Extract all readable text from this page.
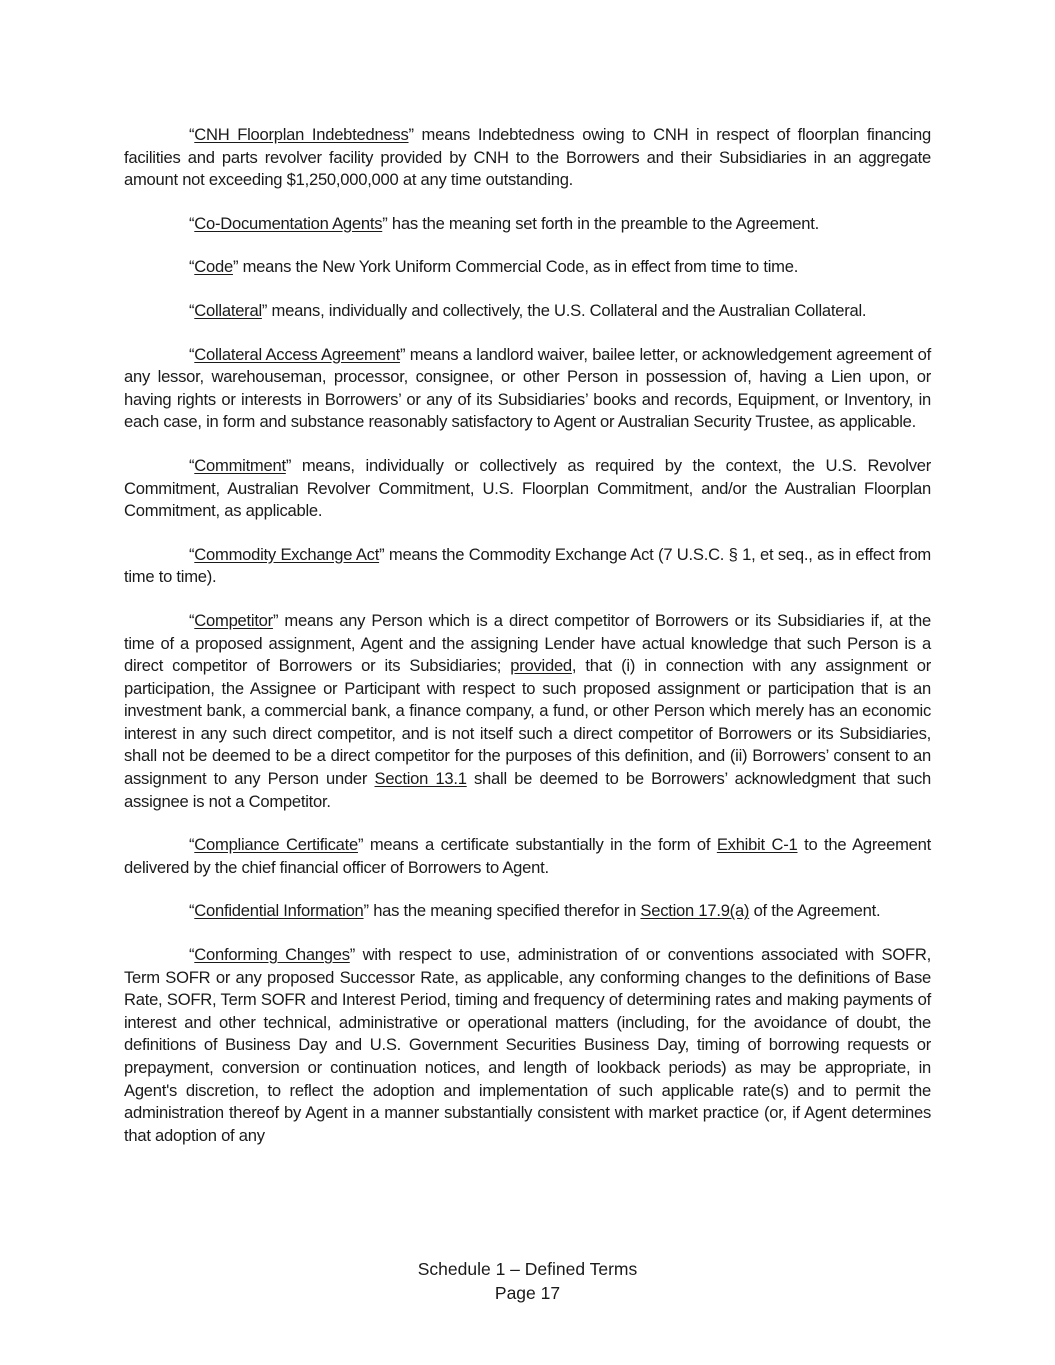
“CNH Floorplan Indebtedness” means Indebtedness owing to CNH in respect of floorplan financing facilities and parts revolver facility provided by CNH to the Borrowers and their Subsidiaries in an aggregate amount not exceeding $1,250,000,000 at any time outstanding.

“Co-Documentation Agents” has the meaning set forth in the preamble to the Agreement.

“Code” means the New York Uniform Commercial Code, as in effect from time to time.

“Collateral” means, individually and collectively, the U.S. Collateral and the Australian Collateral.

“Collateral Access Agreement” means a landlord waiver, bailee letter, or acknowledgement agreement of any lessor, warehouseman, processor, consignee, or other Person in possession of, having a Lien upon, or having rights or interests in Borrowers’ or any of its Subsidiaries’ books and records, Equipment, or Inventory, in each case, in form and substance reasonably satisfactory to Agent or Australian Security Trustee, as applicable.

“Commitment” means, individually or collectively as required by the context, the U.S. Revolver Commitment, Australian Revolver Commitment, U.S. Floorplan Commitment, and/or the Australian Floorplan Commitment, as applicable.

“Commodity Exchange Act” means the Commodity Exchange Act (7 U.S.C. § 1, et seq., as in effect from time to time).

“Competitor” means any Person which is a direct competitor of Borrowers or its Subsidiaries if, at the time of a proposed assignment, Agent and the assigning Lender have actual knowledge that such Person is a direct competitor of Borrowers or its Subsidiaries; provided, that (i) in connection with any assignment or participation, the Assignee or Participant with respect to such proposed assignment or participation that is an investment bank, a commercial bank, a finance company, a fund, or other Person which merely has an economic interest in any such direct competitor, and is not itself such a direct competitor of Borrowers or its Subsidiaries, shall not be deemed to be a direct competitor for the purposes of this definition, and (ii) Borrowers’ consent to an assignment to any Person under Section 13.1 shall be deemed to be Borrowers’ acknowledgment that such assignee is not a Competitor.

“Compliance Certificate” means a certificate substantially in the form of Exhibit C-1 to the Agreement delivered by the chief financial officer of Borrowers to Agent.

“Confidential Information” has the meaning specified therefor in Section 17.9(a) of the Agreement.

“Conforming Changes” with respect to use, administration of or conventions associated with SOFR, Term SOFR or any proposed Successor Rate, as applicable, any conforming changes to the definitions of Base Rate, SOFR, Term SOFR and Interest Period, timing and frequency of determining rates and making payments of interest and other technical, administrative or operational matters (including, for the avoidance of doubt, the definitions of Business Day and U.S. Government Securities Business Day, timing of borrowing requests or prepayment, conversion or continuation notices, and length of lookback periods) as may be appropriate, in Agent's discretion, to reflect the adoption and implementation of such applicable rate(s) and to permit the administration thereof by Agent in a manner substantially consistent with market practice (or, if Agent determines that adoption of any

Schedule 1 – Defined Terms
Page 17
